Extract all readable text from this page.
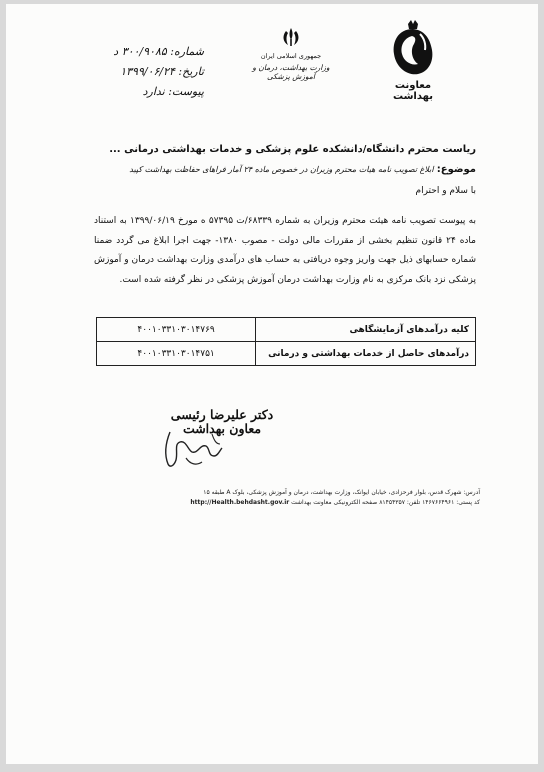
معاونت بهداشت
جمهوری اسلامی ایران
وزارت بهداشت، درمان و آموزش پزشکی
شماره: ۳۰۰/۹۰۸۵ د
تاریخ: ۱۳۹۹/۰۶/۲۴
پیوست: ندارد
ریاست محترم دانشگاه/دانشکده علوم پزشکی و خدمات بهداشتی درمانی ...
موضوع: ابلاغ تصویب نامه هیات محترم وزیران در خصوص ماده ۲۴ آمار فراهای حفاظت بهداشت کپید
با سلام و احترام
به پیوست تصویب نامه هیئت محترم وزیران به شماره ۶۸۳۳۹/ت ۵۷۳۹۵ ه مورخ ۱۳۹۹/۰۶/۱۹ به استناد ماده ۲۴ قانون تنظیم بخشی از مقررات مالی دولت - مصوب ۱۳۸۰- جهت اجرا ابلاغ می گردد ضمنا شماره حسابهای ذیل جهت واریز وجوه دریافتی به حساب های درآمدی وزارت بهداشت درمان و آموزش پزشکی نزد بانک مرکزی به نام وزارت بهداشت درمان آموزش پزشکی در نظر گرفته شده است.
کلیه درآمدهای آزمایشگاهی	۴۰۰۱۰۳۳۱۰۳۰۱۴۷۶۹
درآمدهای حاصل از خدمات بهداشتی و درمانی	۴۰۰۱۰۳۳۱۰۳۰۱۴۷۵۱
دکتر علیرضا رئیسی
معاون بهداشت
آدرس: شهرک قدس، بلوار فرحزادی، خیابان ایوانک، وزارت بهداشت، درمان و آموزش پزشکی، بلوک A طبقه ۱۵
کد پستی: ۱۴۶۷۶۶۴۹۶۱ تلفن: ۸۱۴۵۴۳۵۷ صفحه الکترونیکی معاونت بهداشت http://Health.behdasht.gov.ir
